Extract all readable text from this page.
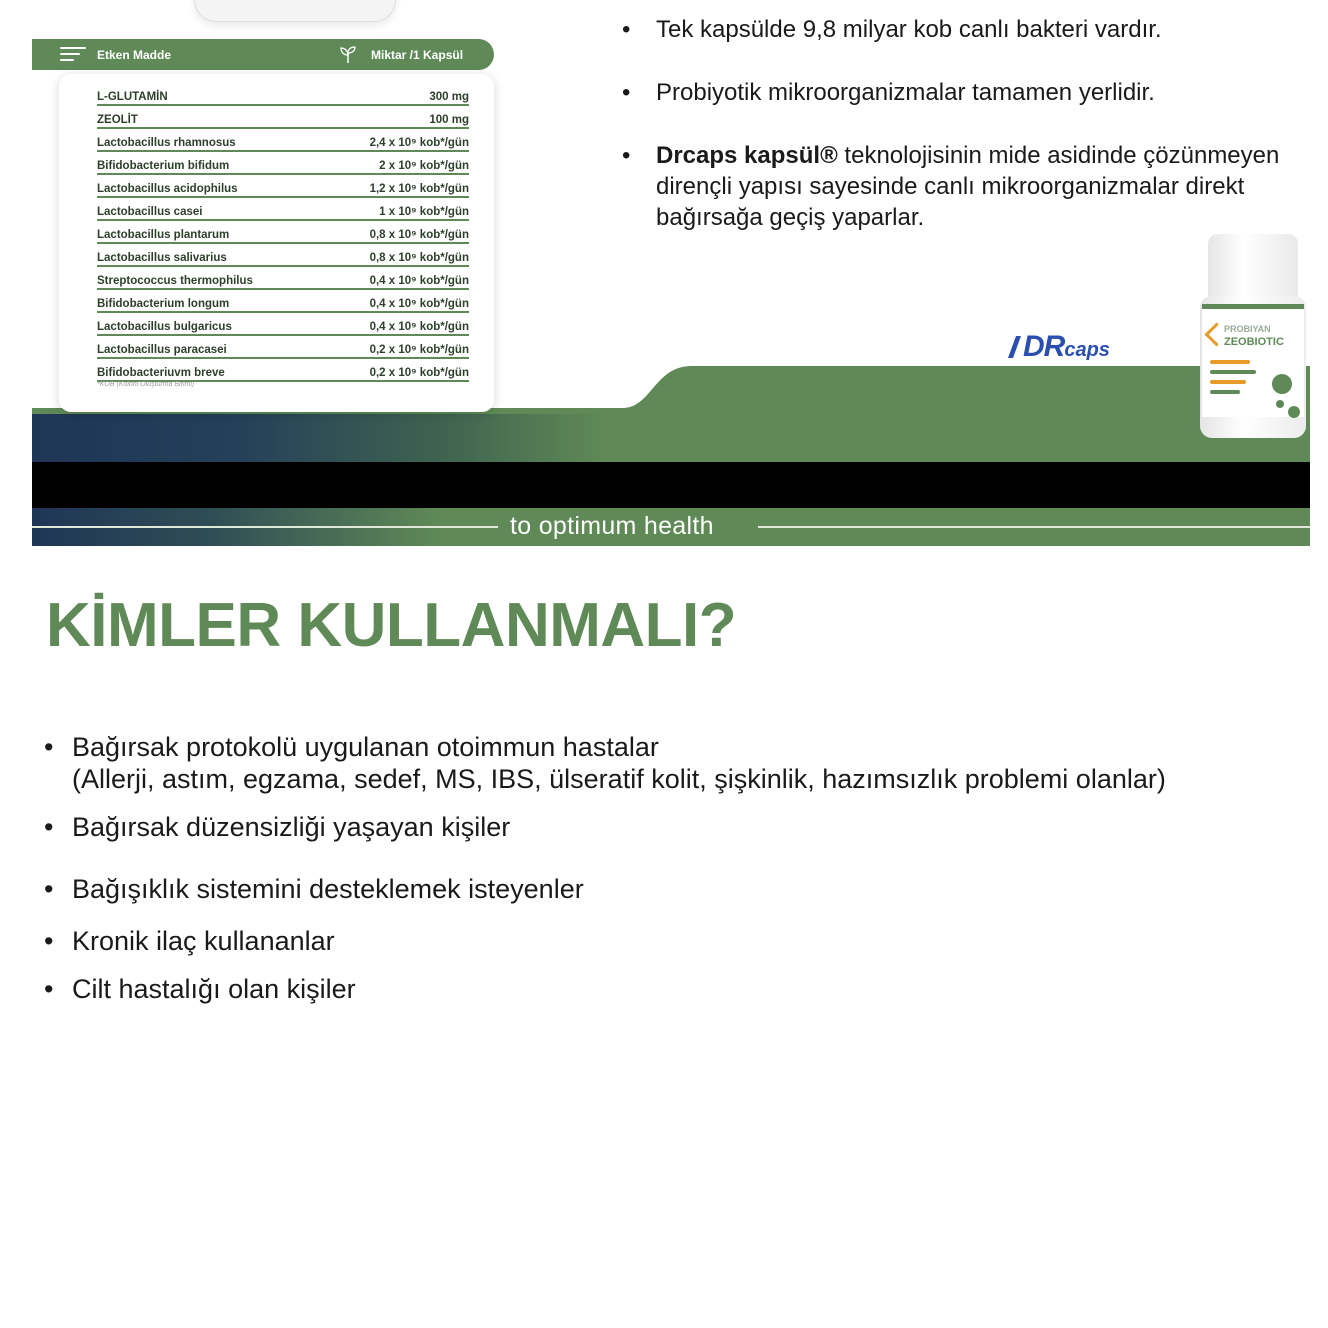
to optimum health
Etken Madde	Miktar /1 Kapsül
L-GLUTAMİN	300 mg
ZEOLİT	100 mg
Lactobacillus rhamnosus	2,4 x 10⁹ kob*/gün
Bifidobacterium bifidum	2 x 10⁹ kob*/gün
Lactobacillus acidophilus	1,2 x 10⁹ kob*/gün
Lactobacillus casei	1 x 10⁹ kob*/gün
Lactobacillus plantarum	0,8 x 10⁹ kob*/gün
Lactobacillus salivarius	0,8 x 10⁹ kob*/gün
Streptococcus thermophilus	0,4 x 10⁹ kob*/gün
Bifidobacterium longum	0,4 x 10⁹ kob*/gün
Lactobacillus bulgaricus	0,4 x 10⁹ kob*/gün
Lactobacillus paracasei	0,2 x 10⁹ kob*/gün
Bifidobacteriuvm breve	0,2 x 10⁹ kob*/gün
*KOB (Koloni Oluşturma Birimi)
• Tek kapsülde 9,8 milyar kob canlı bakteri vardır.
• Probiyotik mikroorganizmalar tamamen yerlidir.
• Drcaps kapsül® teknolojisinin mide asidinde çözünmeyen dirençli yapısı sayesinde canlı mikroorganizmalar direkt bağırsağa geçiş yaparlar.
DRcaps
PROBIYAN
ZEOBIOTIC
KİMLER KULLANMALI?
• Bağırsak protokolü uygulanan otoimmun hastalar
(Allerji, astım, egzama, sedef, MS, IBS, ülseratif kolit, şişkinlik, hazımsızlık problemi olanlar)
• Bağırsak düzensizliği yaşayan kişiler
• Bağışıklık sistemini desteklemek isteyenler
• Kronik ilaç kullananlar
• Cilt hastalığı olan kişiler
